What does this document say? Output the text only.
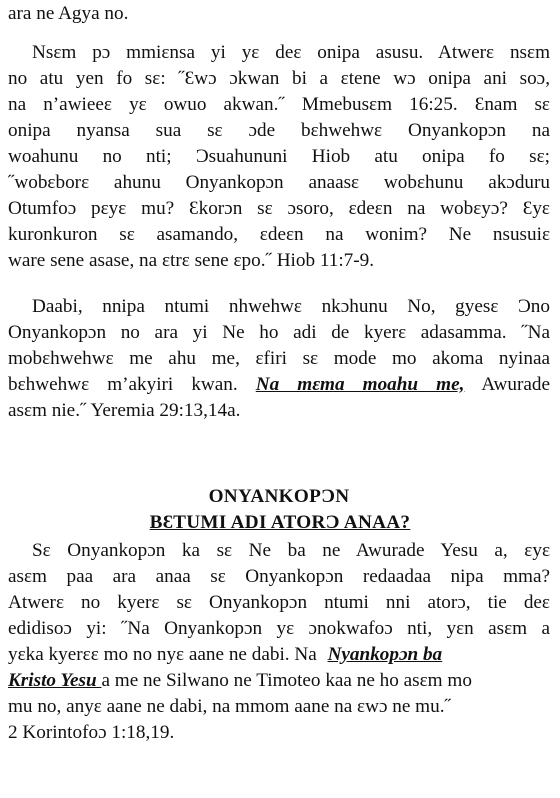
ara ne Agya no.
Nsɛm pɔ mmiɛnsa yi yɛ deɛ onipa asusu. Atwerɛ nsɛm
no atu yen fo sɛ: ˝Ɛwɔ ɔkwan bi a ɛtene wɔ onipa ani soɔ,
na n’awieeɛ yɛ owuo akwan.˝ Mmebusɛm 16:25. Ɛnam sɛ
onipa nyansa sua sɛ ɔde bɛhwehwɛ Onyankopɔn na
woahunu no nti; Ɔsuahununi Hiob atu onipa fo sɛ;
˝wobɛborɛ ahunu Onyankopɔn anaasɛ wobɛhunu akɔduru
Otumfoɔ pɛyɛ mu? Ɛkorɔn sɛ ɔsoro, ɛdeɛn na wobɛyɔ? Ɛyɛ
kuronkuron sɛ asamando, ɛdeɛn na wonim? Ne nsusuiɛ
ware sene asase, na ɛtrɛ sene ɛpo.˝ Hiob 11:7-9.
Daabi, nnipa ntumi nhwehwɛ nkɔhunu No, gyesɛ Ɔno
Onyankopɔn no ara yi Ne ho adi de kyerɛ adasamma. ˝Na
mobɛhwehwɛ me ahu me, ɛfiri sɛ mode mo akoma nyinaa
bɛhwehwɛ m’akyiri kwan. Na mɛma moahu me, Awurade
asɛm nie.˝ Yeremia 29:13,14a.
ONYANKOPƆN
BƐTUMI ADI ATORƆ ANAA?
Sɛ Onyankopɔn ka sɛ Ne ba ne Awurade Yesu a, ɛyɛ
asɛm paa ara anaa sɛ Onyankopɔn redaadaa nipa mma?
Atwerɛ no kyerɛ sɛ Onyankopɔn ntumi nni atorɔ, tie deɛ
edidisoɔ yi: ˝Na Onyankopɔn yɛ ɔnokwafoɔ nti, yɛn asɛm a
yɛka kyerɛɛ mo no nyɛ aane ne dabi. Na Nyankopɔn ba
Kristo Yesu a me ne Silwano ne Timoteo kaa ne ho asɛm mo
mu no, anyɛ aane ne dabi, na mmom aane na ɛwɔ ne mu.˝
2 Korintofoɔ 1:18,19.
